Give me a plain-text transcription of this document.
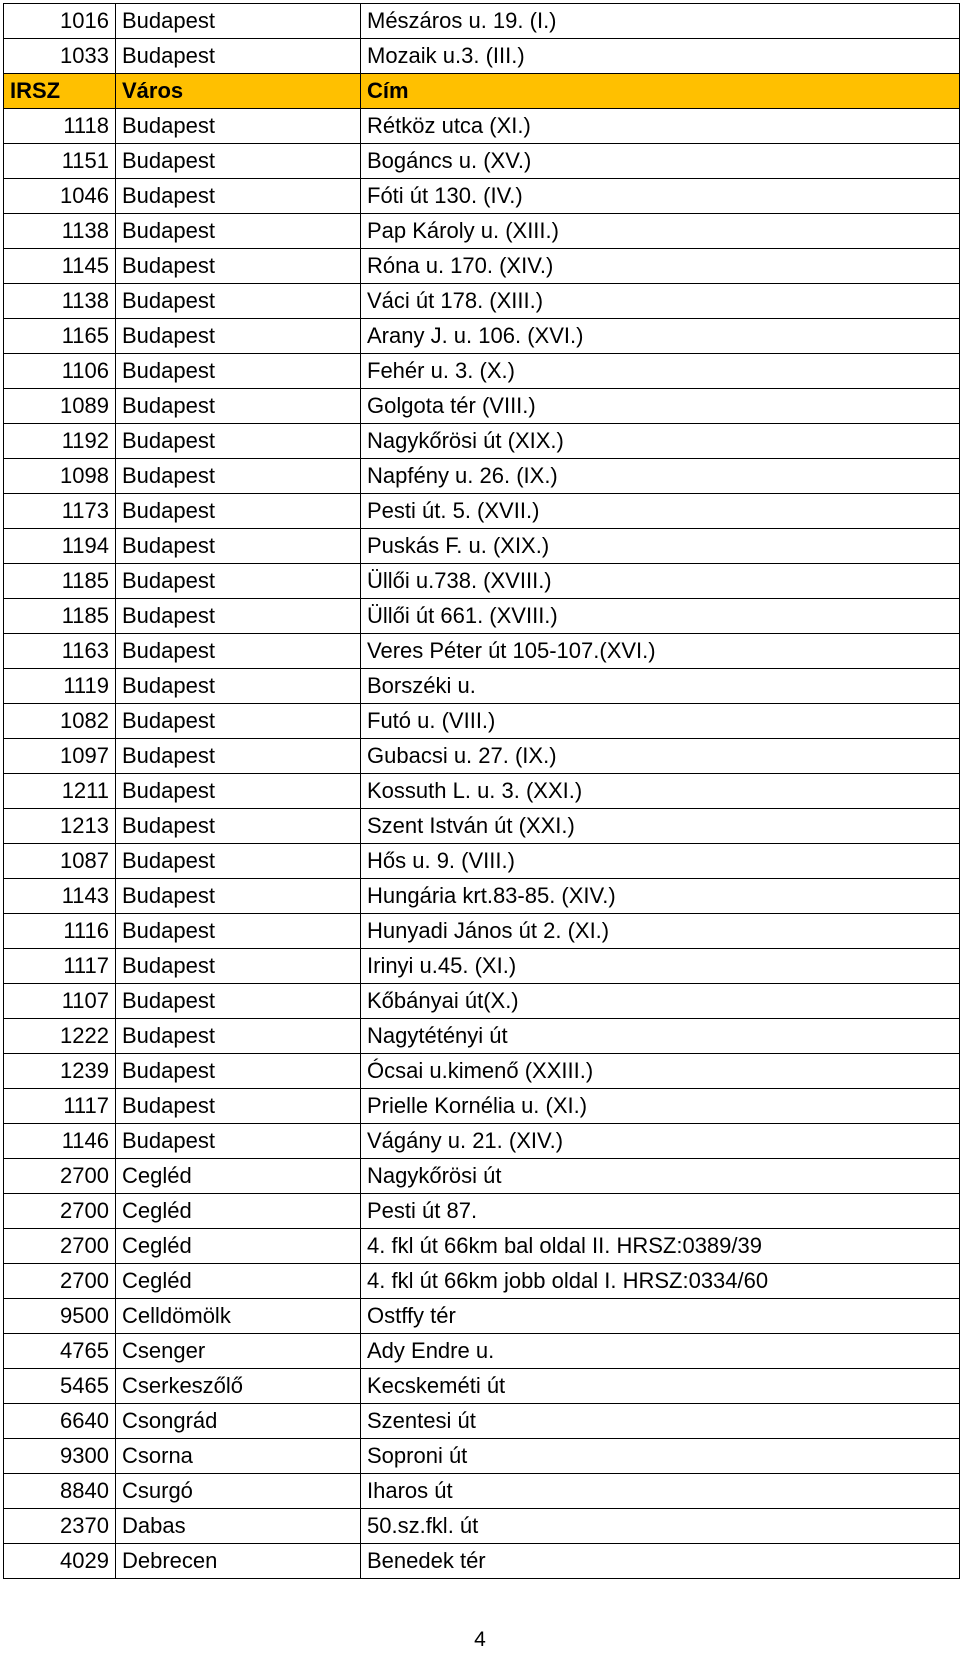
1016	Budapest	Mészáros u. 19. (I.)
1033	Budapest	Mozaik u.3. (III.)
IRSZ	Város	Cím
1118	Budapest	Rétköz utca (XI.)
1151	Budapest	Bogáncs u. (XV.)
1046	Budapest	Fóti út 130. (IV.)
1138	Budapest	Pap Károly u. (XIII.)
1145	Budapest	Róna u. 170. (XIV.)
1138	Budapest	Váci út 178. (XIII.)
1165	Budapest	Arany J. u. 106. (XVI.)
1106	Budapest	Fehér u. 3. (X.)
1089	Budapest	Golgota tér (VIII.)
1192	Budapest	Nagykőrösi út (XIX.)
1098	Budapest	Napfény u. 26. (IX.)
1173	Budapest	Pesti út. 5. (XVII.)
1194	Budapest	Puskás F. u. (XIX.)
1185	Budapest	Üllői u.738. (XVIII.)
1185	Budapest	Üllői út 661. (XVIII.)
1163	Budapest	Veres Péter út 105-107.(XVI.)
1119	Budapest	Borszéki u.
1082	Budapest	Futó u. (VIII.)
1097	Budapest	Gubacsi u. 27. (IX.)
1211	Budapest	Kossuth L. u. 3. (XXI.)
1213	Budapest	Szent István út (XXI.)
1087	Budapest	Hős u. 9. (VIII.)
1143	Budapest	Hungária krt.83-85. (XIV.)
1116	Budapest	Hunyadi János út 2. (XI.)
1117	Budapest	Irinyi u.45. (XI.)
1107	Budapest	Kőbányai út(X.)
1222	Budapest	Nagytétényi út
1239	Budapest	Ócsai u.kimenő (XXIII.)
1117	Budapest	Prielle Kornélia u. (XI.)
1146	Budapest	Vágány u. 21. (XIV.)
2700	Cegléd	Nagykőrösi út
2700	Cegléd	Pesti út 87.
2700	Cegléd	4. fkl út 66km bal oldal II. HRSZ:0389/39
2700	Cegléd	4. fkl út 66km jobb oldal I. HRSZ:0334/60
9500	Celldömölk	Ostffy tér
4765	Csenger	Ady Endre u.
5465	Cserkeszőlő	Kecskeméti út
6640	Csongrád	Szentesi út
9300	Csorna	Soproni út
8840	Csurgó	Iharos út
2370	Dabas	50.sz.fkl. út
4029	Debrecen	Benedek tér
4
